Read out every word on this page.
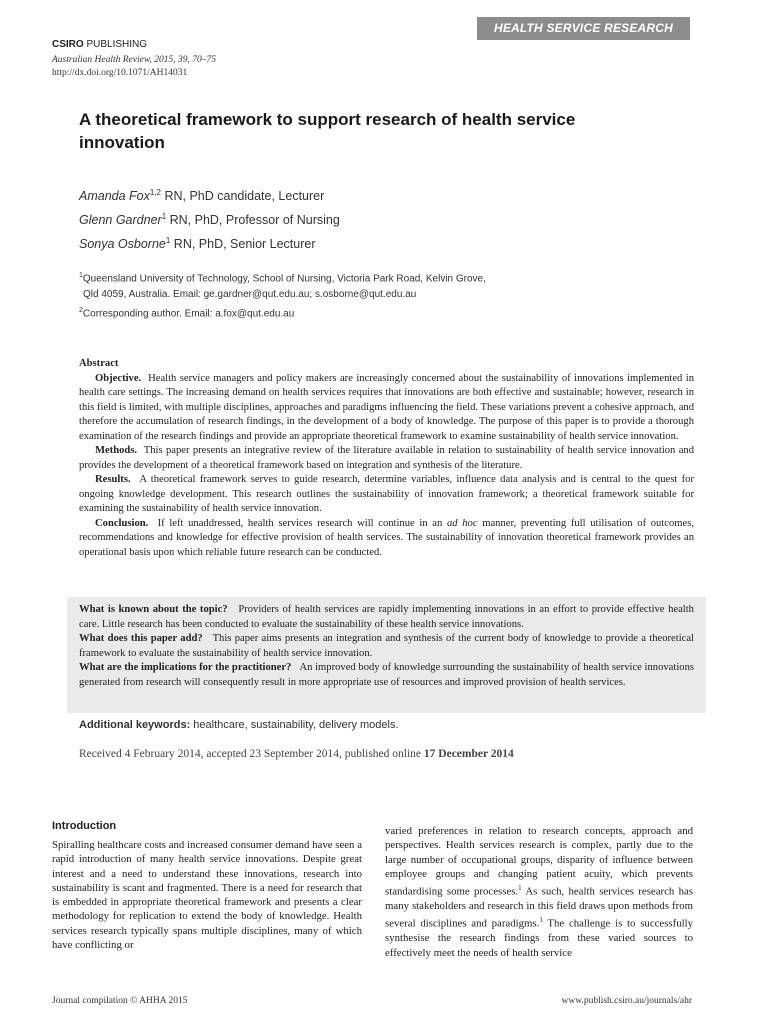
HEALTH SERVICE RESEARCH
CSIRO PUBLISHING
Australian Health Review, 2015, 39, 70–75
http://dx.doi.org/10.1071/AH14031
A theoretical framework to support research of health service innovation
Amanda Fox$^{1,2}$ RN, PhD candidate, Lecturer
Glenn Gardner$^1$ RN, PhD, Professor of Nursing
Sonya Osborne$^1$ RN, PhD, Senior Lecturer
$^1$Queensland University of Technology, School of Nursing, Victoria Park Road, Kelvin Grove,
Qld 4059, Australia. Email: ge.gardner@qut.edu.au; s.osborne@qut.edu.au
$^2$Corresponding author. Email: a.fox@qut.edu.au
Abstract

Objective. Health service managers and policy makers are increasingly concerned about the sustainability of innovations implemented in health care settings. The increasing demand on health services requires that innovations are both effective and sustainable; however, research in this field is limited, with multiple disciplines, approaches and paradigms influencing the field. These variations prevent a cohesive approach, and therefore the accumulation of research findings, in the development of a body of knowledge. The purpose of this paper is to provide a thorough examination of the research findings and provide an appropriate theoretical framework to examine sustainability of health service innovation.

Methods. This paper presents an integrative review of the literature available in relation to sustainability of health service innovation and provides the development of a theoretical framework based on integration and synthesis of the literature.

Results. A theoretical framework serves to guide research, determine variables, influence data analysis and is central to the quest for ongoing knowledge development. This research outlines the sustainability of innovation framework; a theoretical framework suitable for examining the sustainability of health service innovation.

Conclusion. If left unaddressed, health services research will continue in an ad hoc manner, preventing full utilisation of outcomes, recommendations and knowledge for effective provision of health services. The sustainability of innovation theoretical framework provides an operational basis upon which reliable future research can be conducted.

What is known about the topic? Providers of health services are rapidly implementing innovations in an effort to provide effective health care. Little research has been conducted to evaluate the sustainability of these health service innovations.
What does this paper add? This paper aims presents an integration and synthesis of the current body of knowledge to provide a theoretical framework to evaluate the sustainability of health service innovation.
What are the implications for the practitioner? An improved body of knowledge surrounding the sustainability of health service innovations generated from research will consequently result in more appropriate use of resources and improved provision of health services.
Additional keywords: healthcare, sustainability, delivery models.
Received 4 February 2014, accepted 23 September 2014, published online 17 December 2014
Introduction
Spiralling healthcare costs and increased consumer demand have seen a rapid introduction of many health service innovations. Despite great interest and a need to understand these innovations, research into sustainability is scant and fragmented. There is a need for research that is embedded in appropriate theoretical framework and presents a clear methodology for replication to extend the body of knowledge. Health services research typically spans multiple disciplines, many of which have conflicting or
varied preferences in relation to research concepts, approach and perspectives. Health services research is complex, partly due to the large number of occupational groups, disparity of influence between employee groups and changing patient acuity, which prevents standardising some processes.$^1$ As such, health services research has many stakeholders and research in this field draws upon methods from several disciplines and paradigms.$^1$ The challenge is to successfully synthesise the research findings from these varied sources to effectively meet the needs of health service
Journal compilation © AHHA 2015	www.publish.csiro.au/journals/ahr
